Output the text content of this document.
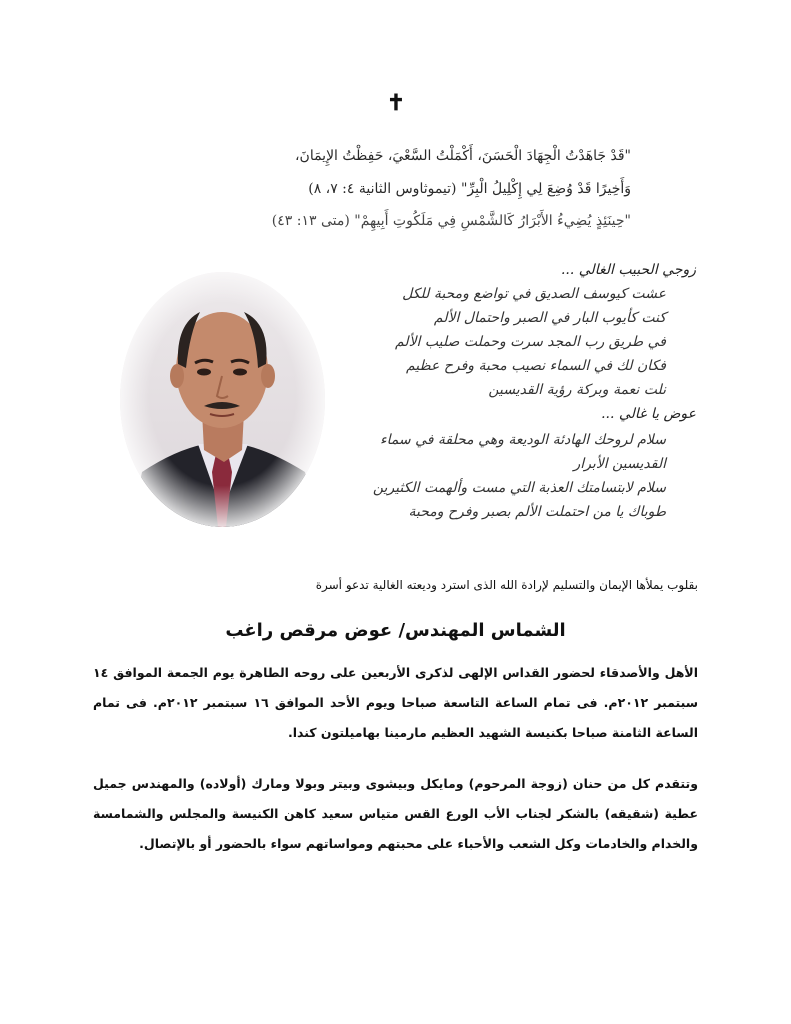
✝
"قَدْ جَاهَدْتُ الْجِهَادَ الْحَسَنَ، أَكْمَلْتُ السَّعْيَ، حَفِظْتُ الإِيمَانَ،
وَأَخِيرًا قَدْ وُضِعَ لِي إِكْلِيلُ الْبِرِّ" (تيموثاوس الثانية ٤: ٧، ٨)
"حِينَئِذٍ يُضِيءُ الأَبْرَارُ كَالشَّمْسِ فِي مَلَكُوتِ أَبِيهِمْ" (متى ١٣: ٤٣)
زوجي الحبيب الغالي ...
عشت كيوسف الصديق في تواضع ومحبة للكل
كنت كأيوب البار في الصبر واحتمال الألم
في طريق رب المجد سرت وحملت صليب الألم
فكان لك في السماء نصيب محبة وفرح عظيم
نلت نعمة وبركة رؤية القديسين
عوض يا غالي ...
سلام لروحك الهادئة الوديعة وهي محلقة في سماء
القديسين الأبرار
سلام لابتسامتك العذبة التي مست وألهمت الكثيرين
طوباك يا من احتملت الألم بصبر وفرح ومحبة
بقلوب يملأها الإيمان والتسليم لإرادة الله الذى استرد وديعته الغالية تدعو أسرة
الشماس المهندس/ عوض مرقص راغب
الأهل والأصدقاء لحضور القداس الإلهى لذكرى الأربعين على روحه الطاهرة يوم الجمعة الموافق ١٤ سبتمبر ٢٠١٢م. فى تمام الساعة التاسعة صباحا ويوم الأحد الموافق ١٦ سبتمبر ٢٠١٢م. فى تمام الساعة الثامنة صباحا بكنيسة الشهيد العظيم مارمينا بهاميلتون كندا.
وتتقدم كل من حنان (زوجة المرحوم) ومايكل وبيشوى وبيتر وبولا ومارك (أولاده) والمهندس جميل عطية (شقيقه) بالشكر لجناب الأب الورع القس متياس سعيد كاهن الكنيسة والمجلس والشمامسة والخدام والخادمات وكل الشعب والأحباء على محبتهم ومواساتهم سواء بالحضور أو بالإتصال.
